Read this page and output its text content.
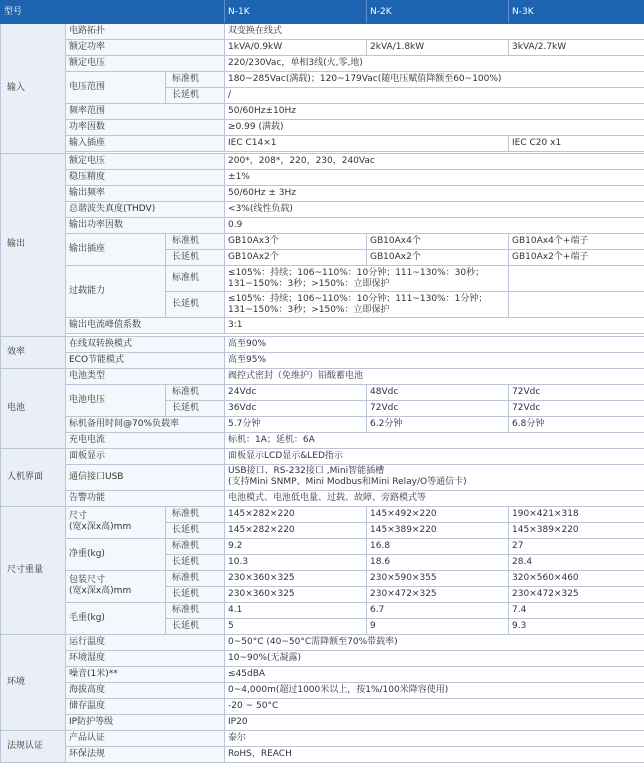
型号			N-1K	N-2K	N-3K
输入	电路拓扑		双变换在线式		
	额定功率		1kVA/0.9kW	2kVA/1.8kW	3kVA/2.7kW
	额定电压		220/230Vac，单相3线(火,零,地)		
	电压范围	标准机	180~285Vac(满载)；120~179Vac(随电压赋值降额至60~100%)		
		长延机	/		
	频率范围		50/60Hz±10Hz		
	功率因数		≥0.99 (满载)		
	输入插座		IEC C14×1		IEC C20 x1

输出	额定电压		200*，208*，220，230，240Vac		
	稳压精度		±1%		
	输出频率		50/60Hz ± 3Hz		
	总谐波失真度(THDV)		<3%(线性负载)		
	输出功率因数		0.9		
	输出插座	标准机	GB10Ax3个	GB10Ax4个	GB10Ax4个+端子
		长延机	GB10Ax2个	GB10Ax2个	GB10Ax2个+端子
	过载能力	标准机	≤105%：持续；106~110%：10分钟；111~130%：30秒；131~150%：3秒；>150%：立即保护		
		长延机	≤105%：持续；106~110%：10分钟；111~130%：1分钟；131~150%：3秒；>150%：立即保护		
	输出电流峰值系数		3:1		

效率	在线双转换模式		高至90%		
	ECO节能模式		高至95%		
电池	电池类型		阀控式密封（免维护）铅酸蓄电池		
	电池电压	标准机	24Vdc	48Vdc	72Vdc
		长延机	36Vdc	72Vdc	72Vdc
	标机备用时间@70%负载率		5.7分钟	6.2分钟	6.8分钟
	充电电流		标机：1A；延机：6A		
人机界面	面板显示		面板显示LCD显示&LED指示		
	通信接口USB		USB接口、RS-232接口 ,Mini智能插槽
(支持Mini SNMP、Mini Modbus和Mini Relay/O等通信卡)		

	告警功能		电池模式、电池低电量、过载、故障、旁路模式等		
尺寸重量	尺寸
(宽x深x高)mm	标准机	145×282×220	145×492×220	190×421×318
		长延机	145×282×220	145×389×220	145×389×220
	净重(kg)	标准机	9.2	16.8	27
		长延机	10.3	18.6	28.4

	包装尺寸
(宽x深x高)mm	标准机	230×360×325	230×590×355	320×560×460
		长延机	230×360×325	230×472×325	230×472×325
	毛重(kg)	标准机	4.1	6.7	7.4
		长延机	5	9	9.3
环境	运行温度		0~50°C (40~50°C需降额至70%带载率)		
	环境湿度		10~90%(无凝露)		
	噪音(1米)**		≤45dBA		
	海拔高度		0~4,000m(超过1000米以上，按1%/100米降容使用)		
	储存温度		-20 ~ 50°C		
	IP防护等级		IP20		
法规认证	产品认证		泰尔		
	环保法规		RoHS，REACH		
